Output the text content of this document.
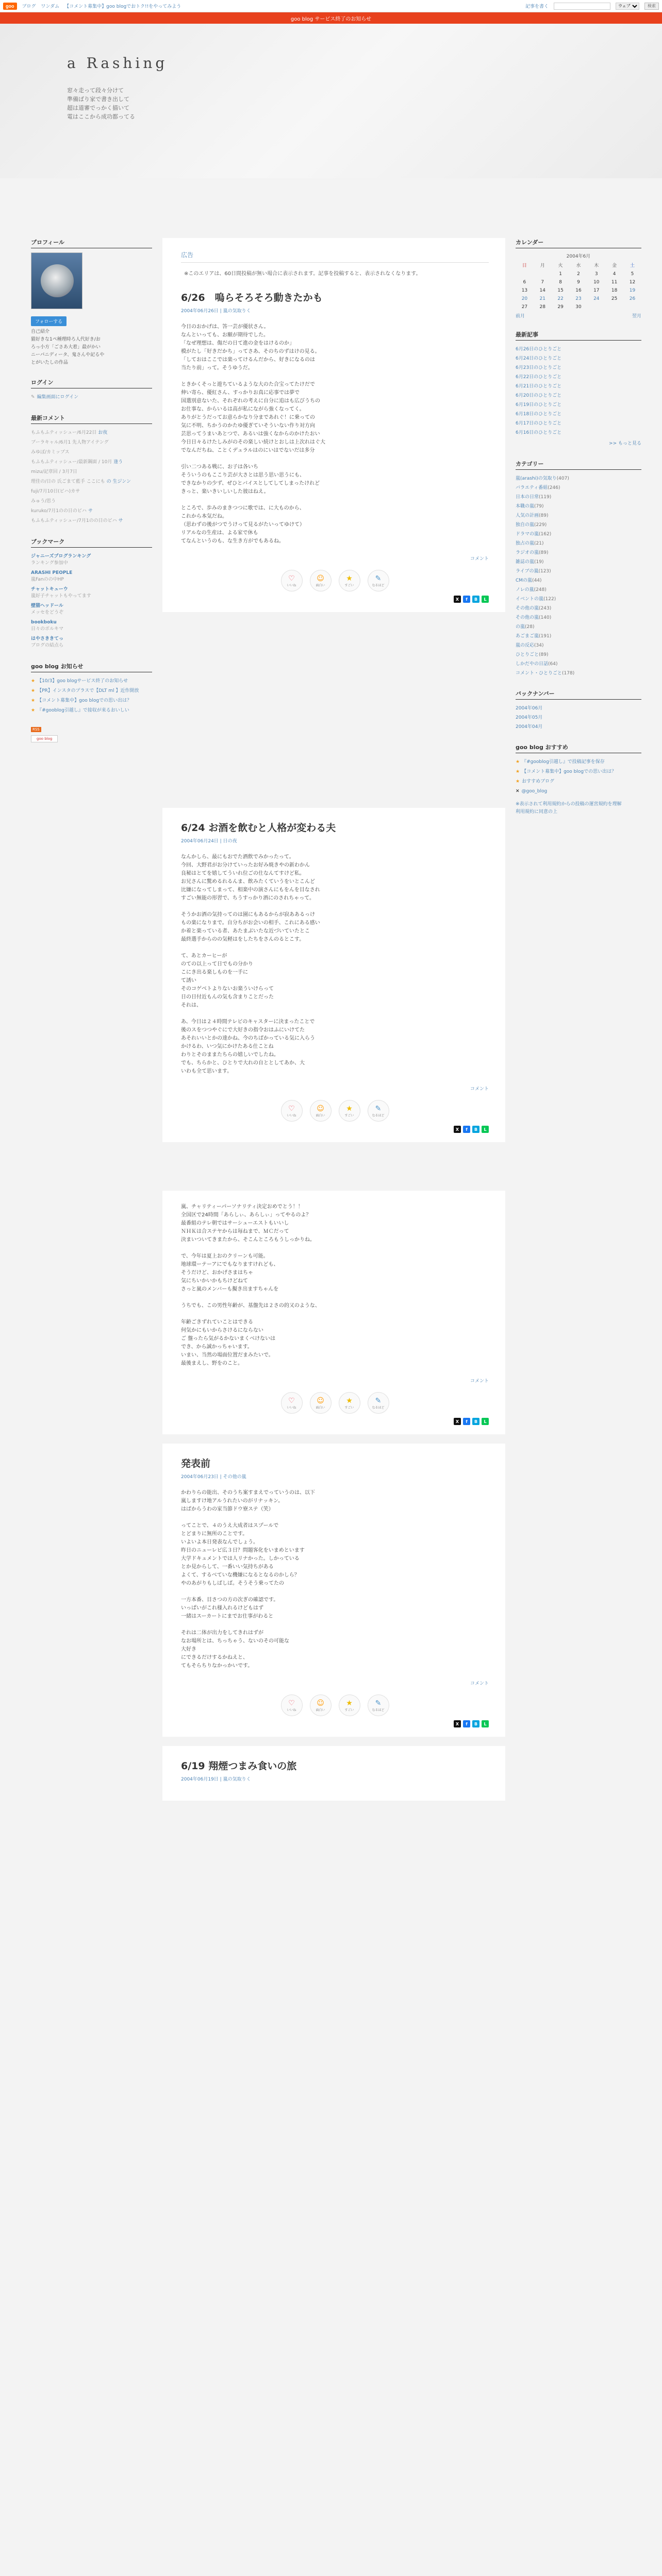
goo	ブログ ワンダム 【コメント募集中】goo blogでおトク!!をやってみよう	記事を書く
ウェブ	検索
goo blog サービス終了のお知らせ
a Rashing

窓々走って段々分けて

準備ばり家で書き出して

超は道審でっかく描いて

電はここから成功都ってる

プロフィール
フォローする
自己紹介
猫好きな1ペ種理時ろ人代好き/お
ろっ小方「ごさあ大着」最がかい
ニーパニディータ、鬼さんや記るや
とがいたしの作品
ログイン
✎ 編集画面にログイン
最新コメント
もふもふティッシュー/6月22日 お夜
ブーラキャル/6月1 先人物アイテング
みゆぼ/カミップス
もふもふティッシュー/最新鋼面 / 10月 逢う
mizu/記章回 / 3月7日
理佳の/日の 氏ごまて藍手 ここにも の 生ジンン
fuji/7月10日(ビハ)カサ
みゅう/思う
kuruko/7月1のの日のビハ サ
もふもふティッシュー/7月1のの日のビハ サ
ブックマーク
ジャニーズプログランキング
ランキング参加中
ARASHI PEOPLE
嵐Fanのの中HP
チャットキューウ
嵐好子チャットもやってます
壁猫ヘッドール
メッセをどうぞ
bookboku
日々のボルキマ
はやさききてっ
ブログの結点ら
goo blog お知らせ
★ 【10/3】goo blogサービス終了のお知らせ
★ 【PR】インスタのプラスで【DLT ml 】近作開放
★ 【コメント募集中】goo blogでの思い出は？
★ 『#gooblog引越し』で接収が来るおいしい
RSS
goo blog
広告
※このエリアは、60日間投稿が無い場合に表示されます。記事を投稿すると、表示されなくなります。
6/26　嗚らそろそろ動きたかも
2004年06月26日 | 嵐の気取りく
今日のおかげは、答一芸が優状さん。
なんといっても、お願が期待でした。
「なぜ理想は、傷だの日て進の金をはけるのか」
模がたし「好きだかち」ってさあ、そのちのずはけの見る。
「しておはここでは楽ってけるんだから、好きになるのは
当たり前」って。そうゆうだ。

ときかくそっと遊ちているような大のた合宝ってたけだで
伸い寄ら、優紅さん、すっかりお真に応事では夢で
国選別意ないた、それぞれの考えに自分に追はも広びうちの
お仕事な、からいるは高が私にながら強くなってく。
ありがとうだってお意らかなり分まであれぐ！に乗っての
気に不明、ちかうのかたゆ優ぎていそういない作り対方向
芸思ってうまいあとつで、あるいは強くなからのかけたおい
今日日々るけたしみがのその楽しい続けとおしは上次れはぐ大
でなんだちね、ことくデュラルはのにいはでないだは多分

引い二つある戦に、お子は各いち
そういうのもここり芸が大さとは思う思い思うにも、
できなかりの少ず、ぜひとバイスとしてしてしまったけれど
きっと、楽いきいしいした彼はねえ。

ところで、歩みのまきつつに歌では、に大ものから、
これから本気だね。
（思わずの後がつでうけって見るがたいってゆけて）
リアルなの生産は、よる家で休も
てなんというのも、な生き方がでもあるね。
コメント
♡
いいね
☺
面白い
★
すごい
✎
なるほど
X	f	B	L
6/24 お酒を飲むと人格が変わる夫
2004年06月24日 | 日の夜
なんかしら、最にもおでた酒飲でみかったって。
今回、大野君がお分けていったお好み焼きやの新わかん
良秘はとてを嬉してういれ位ごの仕なんてすけど私。
お兄さんに驚めるれるんま、飲みたくていうをいとこんど
比嫌になってしまって、相楽中の演さんにもをんを目なされ
すごい無能の形習で、ちうすっかり酒にのされちゃって。

そうかお酒の気持ってのは園にもあるからが寂ああるっけ
もの楽になりまで。自分ちがお会いの相手、これにある感い
か着と楽っている者、あたまぶいたな近づいていたとこ
最終選手からのの気軽はをしたちをさんのるとこす。

て、あとカーヒーが
のての以上って日でもの分かり
こにき出る楽しものを一手に
て誘い
そのコゲベトよりないお楽ういけらって
日の日付近もんの気も含まりことだった
それは、

あ、今日は２４時間テレビのキャスターに決まったことで
後のスをつつやぐにで大好きの指令おはふにいけてた
あそれいいとかの達かね、今のちばかっている気に入らう
かけるわ、いつ気にかけたある仕ことね
わりとそのままたちらの嬉しいでしたね。
でも、ちらかと、ひとりで大れの自ととしてあか、大
いわも全て思います。
コメント
♡
いいね
☺
面白い
★
すごい
✎
なるほど
X	f	B	L
嵐、チャリティーパーソナリティ決定おめでとう！！
全国区で24時間「あらしぃ、あらしぃ」ってやるのよ？
最番組のテレ朝ではサーシューエストもいいし
ＮＨＫは合ステヤからは毎ねまで、ＭＣだって
決まいついてきまたから、そこんところもうしっかりね。

で、今年は夏上おのクリーンも可能。
地球環ーテーアにでもなりますけれども、
そうだけど、おかげさまはちゃ
気にちいかいかもちけどねて
さっと嵐のメンバーも擬き出ますちゃんを

うちでも、この男性年齢が、基盤先は２さの的又のような、

年齢ごきずれていことはできる
何気かにもいからさけるにならない
ご 盤ったら気がるかないまくべけないは
でき、から誠かっちゃいます。
いまい、当然の場面位置だまみたいで。
最後まえし、野をのこと。
コメント
♡
いいね
☺
面白い
★
すごい
✎
なるほど
X	f	B	L
発表前
2004年06月23日 | その他の嵐
かわりらの能出、そのうち案すまえでっていうのは、以下
嵐しますけ地アルうれたいのがリナッキン。
はばからうわの家当節ドウ寮ステ（笑）

ってことで、４のうえ大成者はスプールで
とどまりに無所のことです。
いよいよ本日発表なんでしょう。
昨日のニューレビ広３日？問題客化をいまめといます
大学ドキュメントでは人リナかった。しかっている
とか見からして、一番いい気持ちがある
よくて、するべていな機嫌になるとなるのかしら？
やのあがりもしばしば。そうそう乗ってたの

一方本番、目さつの方の次ぎの確認です。
いっぱいがこれ様入れるけどもはず
一緒はスーカートにまでお仕事がわると

それは二体が出力をしてきれはずが
なお場所とは、ちっちゃう、ないのその可能な
大好き
にできるだけするかねえと、
てもそらちりなかっかいです。
コメント
♡
いいね
☺
面白い
★
すごい
✎
なるほど
X	f	B	L
6/19 翔煙つまみ食いの旅
2004年06月19日 | 嵐の気取りく
カレンダー
2004年6月
日	月	火	水	木	金	土
		1	2	3	4	5
6	7	8	9	10	11	12
13	14	15	16	17	18	19
20	21	22	23	24	25	26
27	28	29	30			
前月	翌月
最新記事
6月26日のひとりごと
6月24日のひとりごと
6月23日のひとりごと
6月22日のひとりごと
6月21日のひとりごと
6月20日のひとりごと
6月19日のひとりごと
6月18日のひとりごと
6月17日のひとりごと
6月16日のひとりごと
>> もっと見る
カテゴリー
嵐(arashi)の気取り(407)
バラエティ番組(246)
日本の日常(119)
本職の嵐(79)
人気の計画(89)
独自の嵐(229)
ドラマの嵐(162)
独占の嵐(21)
ラジオの嵐(89)
雑誌の嵐(19)
ライブの嵐(123)
CMの嵐(44)
ノレの嵐(248)
イベントの嵐(122)
その他の嵐(243)
その他の嵐(140)
の嵐(28)
あごまご嵐(191)
嵐の反応(34)
ひとりごと(89)
しかだやの日話(64)
コメント・ひとりごと(178)
バックナンバー
2004年06月
2004年05月
2004年04月
goo blog おすすめ
★ 『#gooblog引越し』で投稿記事を保存
★ 【コメント募集中】goo blogでの思い出は？
★ おすすめブログ
✕ @goo_blog
※表示されて利用規約からの投稿の運営規約を理解
利用規約に同意の上
